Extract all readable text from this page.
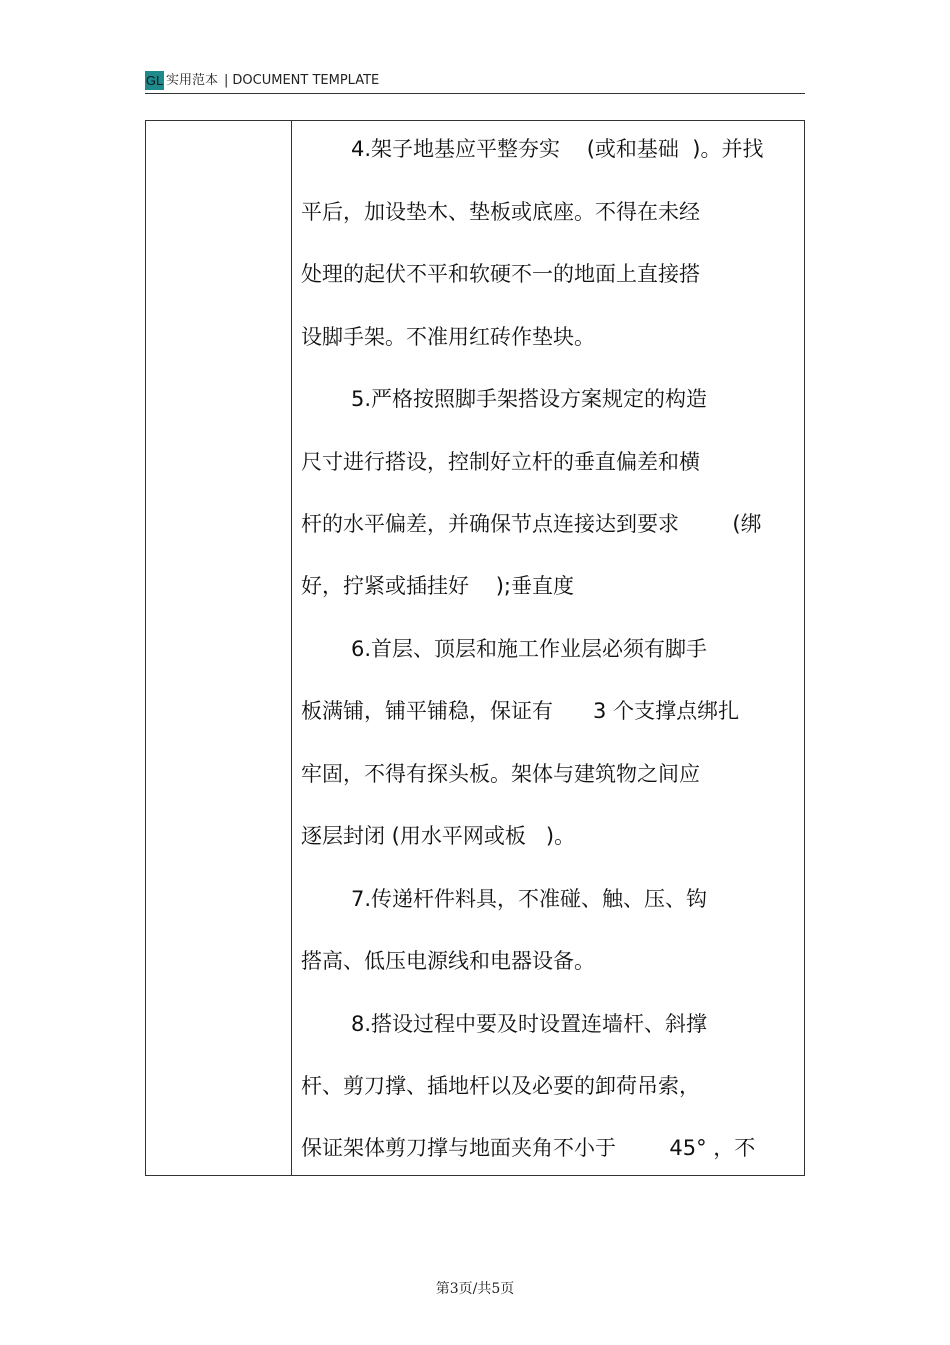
GL 实用范本 | DOCUMENT TEMPLATE
4.架子地基应平整夯实    (或和基础  )。并找
平后，加设垫木、垫板或底座。不得在未经
处理的起伏不平和软硬不一的地面上直接搭
设脚手架。不准用红砖作垫块。
5.严格按照脚手架搭设方案规定的构造
尺寸进行搭设，控制好立杆的垂直偏差和横
杆的水平偏差，并确保节点连接达到要求        (绑
好，拧紧或插挂好    );垂直度
6.首层、顶层和施工作业层必须有脚手
板满铺，铺平铺稳，保证有      3 个支撑点绑扎
牢固，不得有探头板。架体与建筑物之间应
逐层封闭 (用水平网或板   )。
7.传递杆件料具，不准碰、触、压、钩
搭高、低压电源线和电器设备。
8.搭设过程中要及时设置连墙杆、斜撑
杆、剪刀撑、插地杆以及必要的卸荷吊索，
保证架体剪刀撑与地面夹角不小于        45° ，不
第3页/共5页
